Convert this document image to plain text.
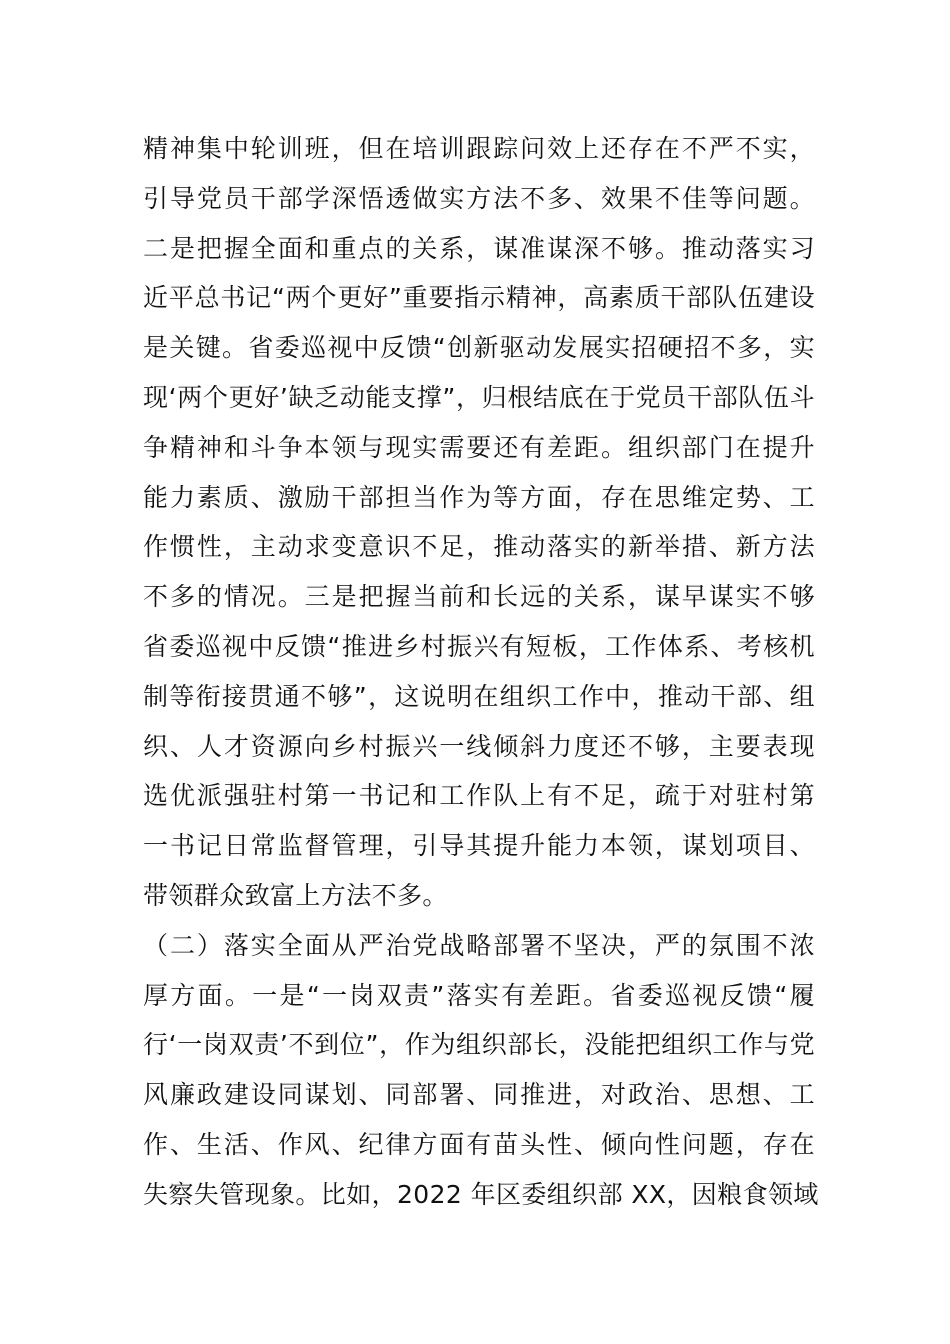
精神集中轮训班，但在培训跟踪问效上还存在不严不实，
引导党员干部学深悟透做实方法不多、效果不佳等问题。
二是把握全面和重点的关系，谋准谋深不够。推动落实习
近平总书记“两个更好”重要指示精神，高素质干部队伍建设
是关键。省委巡视中反馈“创新驱动发展实招硬招不多，实
现‘两个更好’缺乏动能支撑”，归根结底在于党员干部队伍斗
争精神和斗争本领与现实需要还有差距。组织部门在提升
能力素质、激励干部担当作为等方面，存在思维定势、工
作惯性，主动求变意识不足，推动落实的新举措、新方法
不多的情况。三是把握当前和长远的关系，谋早谋实不够
省委巡视中反馈“推进乡村振兴有短板，工作体系、考核机
制等衔接贯通不够”，这说明在组织工作中，推动干部、组
织、人才资源向乡村振兴一线倾斜力度还不够，主要表现
选优派强驻村第一书记和工作队上有不足，疏于对驻村第
一书记日常监督管理，引导其提升能力本领，谋划项目、
带领群众致富上方法不多。
（二）落实全面从严治党战略部署不坚决，严的氛围不浓
厚方面。一是“一岗双责”落实有差距。省委巡视反馈“履
行‘一岗双责’不到位”，作为组织部长，没能把组织工作与党
风廉政建设同谋划、同部署、同推进，对政治、思想、工
作、生活、作风、纪律方面有苗头性、倾向性问题，存在
失察失管现象。比如，2022 年区委组织部 XX，因粮食领域
